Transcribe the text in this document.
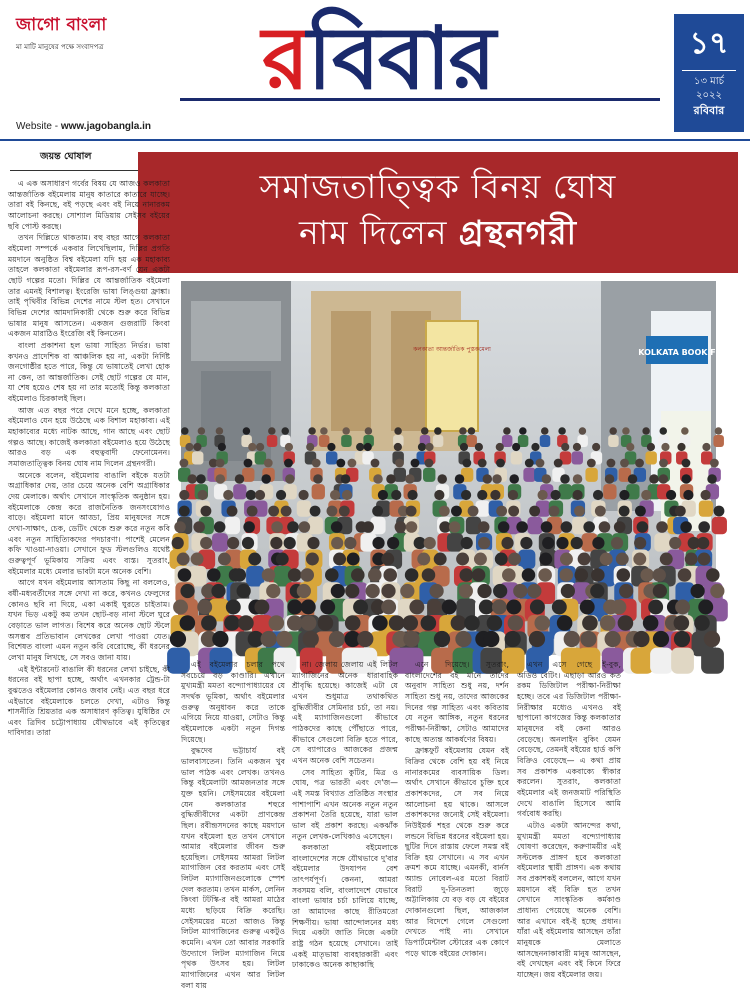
জাগো বাংলা
মা মাটি মানুষের পক্ষে সংবাদপত্র	রবিবার
Website - www.jagobangla.in
১৭
১৩ মার্চ
২০২২
রবিবার
জয়ন্ত ঘোষাল
সমাজতাত্ত্বিক বিনয় ঘোষ
নাম দিলেন গ্রন্থনগরী
কলকাতা আন্তর্জাতিক পুস্তকমেলা	KOLKATA BOOK F

এ এক অসাধারণ গর্বের বিষয় যে আজও কলকাতা আন্তর্জাতিক বইমেলায় মানুষ কাতারে কাতারে যাচ্ছে। তারা বই কিনছে, বই পড়ছে এবং বই নিয়ে নানারকম আলোচনা করছে। সোশ্যাল মিডিয়ায় সেইসব বইয়ের ছবি পোস্ট করছে।

তখন দিল্লিতে থাকতাম। বহু বছর আগে কলকাতা বইমেলা সম্পর্কে একবার লিখেছিলাম, দিল্লির প্রগতি ময়দানে অনুষ্ঠিত বিশ্ব বইমেলা যদি হয় এক মহাকাব্য তাহলে কলকাতা বইমেলার রূপ-রস-বর্ণ যেন একটা ছোট গল্পের মতো। দিল্লির যে আন্তর্জাতিক বইমেলা তার এমনই বিশালত্ব। ইংরেজি ভাষা লিঙ্গুয়া ফ্রাঙ্কা। তাই পৃথিবীর বিভিন্ন দেশের নামে স্টল হত। সেখানে বিভিন্ন দেশের আমদানিকারী থেকে শুরু করে বিভিন্ন ভাষার মানুষ আসতেন। একজন গুজরাটি কিংবা একজন মারাঠিও ইংরেজি বই কিনতেন।

বাংলা প্রকাশনা হল ভাষা সাহিত্য নির্ভর। ভাষা কখনও প্রাদেশিক বা আঞ্চলিক হয় না, একটা নির্দিষ্ট জনগোষ্ঠীর হতে পারে, কিন্তু যে ভাষাতেই লেখা হোক না কেন, তা আন্তর্জাতিক। সেই ছোট গল্পের যে মান, যা শেষ হয়েও শেষ হয় না তার মতোই কিন্তু কলকাতা বইমেলাও চিরকালই ছিল।

আজ এত বছর পরে দেখে মনে হচ্ছে, কলকাতা বইমেলাও যেন হয়ে উঠেছে এক বিশাল মহাকাব্য। এই মহাকাব্যের মধ্যে নাটক আছে, গান আছে এবং ছোট গল্পও আছে। কাজেই কলকাতা বইমেলাও হয়ে উঠেছে আরও বড় এক বহুত্ববাদী ফেনোমেনন। সমাজতাত্ত্বিক বিনয় ঘোষ নাম দিলেন গ্রন্থনগরী।

অনেকে বলেন, বইমেলায় বাঙালি বইকে যতটা অগ্রাধিকার দেয়, তার চেয়ে অনেক বেশি অগ্রাধিকার দেয় মেলাকে। অর্থাৎ সেখানে সাংস্কৃতিক অনুষ্ঠান হয়। বইমেলাকে কেন্দ্র করে রাজনৈতিক জনসংযোগও বাড়ে। বইমেলা মানে আড্ডা, প্রিয় মানুষদের সঙ্গে দেখা-সাক্ষাৎ, চেক, ডেটিং থেকে শুরু করে নতুন কবি এবং নতুন সাহিত্যিকদের পদচারণা। পাশেই মেলেন কফি খাওয়া-দাওয়া। সেখানে ফুড স্টলগুলিও যথেষ্ট গুরুত্বপূর্ণ ভূমিকায় সক্রিয় এবং ব্যস্ত। সুতরাং, বইমেলার মধ্যে মেলার ভাবটা মনে অনেক বেশি।

আগে যখন বইমেলায় আসতাম কিছু না বললেও, বর্ষী-মধ্যবর্তীদের সঙ্গে দেখা না করে, কখনও ফেলুদের কোনও ছবি না দিয়ে, একা একাই ঘুরতে চাইতাম। যখন ভিড় একটু কম তখন ছোট-বড় নানা স্টলে ঘুরে বেড়াতে ভাল লাগত। বিশেষ করে অনেক ছোট স্টলে অসম্ভব প্রতিভাবান লেখকের লেখা পাওয়া যেত। বিশেষত বাংলা এমন নতুন কবি বেরোচ্ছে, কী ধরনের লেখা মানুষ লিখছে, সে সবও জানা যায়।

এই ইন্টারনেট বাঙালি কী ধরনের লেখা চাইছে, কী ধরনের বই ছাপা হচ্ছে, অর্থাৎ এখনকার ট্রেন্ড-টা বুঝতেও বইমেলার কোনও জবাব নেই। এত বছর ধরে এইভাবে বইমেলাকে চলতে দেখা, এটাও কিন্তু শাসনীতি শ্রিয়তার এক অসাধারণ কৃতিত্ব। যুধিষ্ঠির দে এবং ত্রিদিব চট্টোপাধ্যায় যৌথভাবে এই কৃতিত্বের দাবিদার। তারা

এই বইমেলার চলার পথে সবচেয়ে বড় কাণ্ডারি। এখানে মুখ্যমন্ত্রী মমতা বন্দ্যোপাধ্যায়ের যে সদর্থক ভূমিকা, অর্থাৎ বইমেলার গুরুত্ব অনুধাবন করে তাকে এগিয়ে নিয়ে যাওয়া, সেটাও কিন্তু বইমেলাকে একটা নতুন দিগন্ত দিয়েছে।

বুদ্ধদেব ভট্টাচার্য বই ভালবাসতেন। তিনি একজন খুব ভাল পাঠক এবং লেখক। তখনও কিন্তু বইমেলাটা আমজনতার সঙ্গে যুক্ত হয়নি। সেইসময়ের বইমেলা যেন কলকাতার শহুরে বুদ্ধিজীবীদের একটা প্রাণকেন্দ্র ছিল। রবীন্দ্রসদনের কাছে ময়দানে যখন বইমেলা হত তখন সেখানে আমার বইমেলার জীবন শুরু হয়েছিল। সেইসময় আমরা লিটল ম্যাগাজিন বের করতাম এবং সেই লিটল ম্যাগাজিনগুলোকে স্পেশ দেল করতাম। তখন মার্কস, লেনিন কিংবা টটস্কি-র বই আমরা মাঠের মধ্যে ছড়িয়ে বিক্রি করেছি। সেইসময়ের মতো আজও কিন্তু লিটল ম্যাগাজিনের গুরুত্ব একটুও কমেনি। এখন তো আবার সরকারি উদ্যোগে লিটল ম্যাগাজিন নিয়ে পৃথক উৎসব হয়। লিটল ম্যাগাজিনের এখন আর লিটল বলা যায়

না। জেলায় জেলায় এই লিটল ম্যাগাজিনের অনেক ধারাবাহিক শ্রীবৃদ্ধি হয়েছে। কাজেই এটা যে এখন শুধুমাত্র তথাকথিত বুদ্ধিজীবীর সেমিনার চর্চা, তা নয়। এই ম্যাগাজিনগুলো কীভাবে পাঠকদের কাছে পৌঁছাতে পারে, কীভাবে সেগুলো বিক্রি হতে পারে, সে ব্যাপারেও আজকের প্রজন্ম এখন অনেক বেশি সচেতন।

সেব সাহিত্য কুটির, মিত্র ও ঘোষ, পত্র ভারতী এবং দে'জ— এই সমস্ত বিখ্যাত প্রতিষ্ঠিত সংস্থার পাশাপাশি এখন অনেক নতুন নতুন প্রকাশনা তৈরি হয়েছে, যারা ভাল ভাল বই প্রকাশ করছে। একঝাঁক নতুন লেখক-লেখিকাও এসেছেন।

কলকাতা বইমেলাকে বাংলাদেশের সঙ্গে যৌথভাবে দু'বার বইমেলার উদযাপন বেশ তাৎপর্যপূর্ণ। কেননা, আমরা সবসময় বলি, বাংলাদেশে যেভাবে বাংলা ভাষার চর্চা চালিয়ে যাচ্ছে, তা আমাদের কাছে রীতিমতো শিক্ষণীয়। ভাষা আন্দোলনের মধ্য দিয়ে একটা জাতি নিজে একটা রাষ্ট্র গঠন হয়েছে সেখানে। তাই একই মাতৃভাষা ব্যবহারকারী এবং ঢাকাকেও অনেক কাছাকাছি

এনে দিয়েছে। সুতরাং, বাংলাদেশের বই মানে তাদের অনুবাদ সাহিত্য শুধু নয়, দর্শন সাহিত্য শুধু নয়, তাদের আজকের দিনের গল্প সাহিত্য এবং কবিতায় যে নতুন আঙ্গিক, নতুন ধরনের পরীক্ষা-নিরীক্ষা, সেটাও আমাদের কাছে অত্যন্ত আকর্ষণের বিষয়।

ফ্রাঙ্কফুর্ট বইমেলায় যেমন বই বিক্রির থেকে বেশি হয় বই নিয়ে নানারকমের ব্যবসায়িক ডিল। অর্থাৎ সেখানে কীভাবে চুক্তি হবে প্রকাশকদের, সে সব নিয়ে আলোচনা হয় থাকে। আসলে প্রকাশকদের জন্যেই সেই বইমেলা। নিউইয়র্ক শহর থেকে শুরু করে লন্ডনে বিভিন্ন ধরনের বইমেলা হয়। ছুটির দিনে রাস্তায় ফেলে সমস্ত বই বিক্রি হয় সেখানে। এ সব এখন ক্রমশ কমে যাচ্ছে। এমনকী, বার্নস অ্যান্ড নোবেল-এর মতো বিরাট বিরাট দু-তিনতলা জুড়ে অট্টালিকায় যে বড় বড় যে বইয়ের দোকানগুলো ছিল, আজকাল আর বিদেশে গেলে সেগুলো দেখতে পাই না। সেখানে ডিপার্টমেন্টাল স্টোরের এক কোণে পড়ে থাকে বইয়ের দোকান।

এখন এসে গেছে ই-বুক, অডিও বেটিং। এছাড়া আরও কত রকম ডিজিটাল পরীক্ষা-নিরীক্ষা হচ্ছে। তবে এর ডিজিটাল পরীক্ষা-নিরীক্ষার মধ্যেও এখনও বই ছাপানো কাগজের কিন্তু কলকাতার মানুষদের বই কেনা আরও বেড়েছে। অনলাইন বুকিং যেমন বেড়েছে, তেমনই বইয়ের হার্ড কপি বিক্রিও বেড়েছে— এ কথা প্রায় সব প্রকাশক একবাক্যে স্বীকার করলেন। সুতরাং, কলকাতা বইমেলার এই জনজমাট পরিস্থিতি দেখে বাঙালি হিসেবে আমি গর্ববোধ করছি।

এটাও একটা আনন্দের কথা, মুখ্যমন্ত্রী মমতা বন্দ্যোপাধ্যায় ঘোষণা করেছেন, করুণাময়ীর এই সল্টলেক প্রাঙ্গণ হবে কলকাতা বইমেলার স্থায়ী প্রাঙ্গণ। এক কথায় সব প্রকাশকই বললেন, আগে যখন ময়দানে বই বিক্রি হত তখন সেখানে সাংস্কৃতিক কর্মকাণ্ড প্রাধান্য পেয়েছে অনেক বেশি। আর এখানে বই-ই হচ্ছে প্রধান। যাঁরা এই বইমেলায় আসছেন তাঁরা মানুষকে মেলাতে আসছেননাকাবারী মানুষ আসছেন, বই দেখছেন এবং বই কিনে ফিরে যাচ্ছেন। জয় বইমেলার জয়।
